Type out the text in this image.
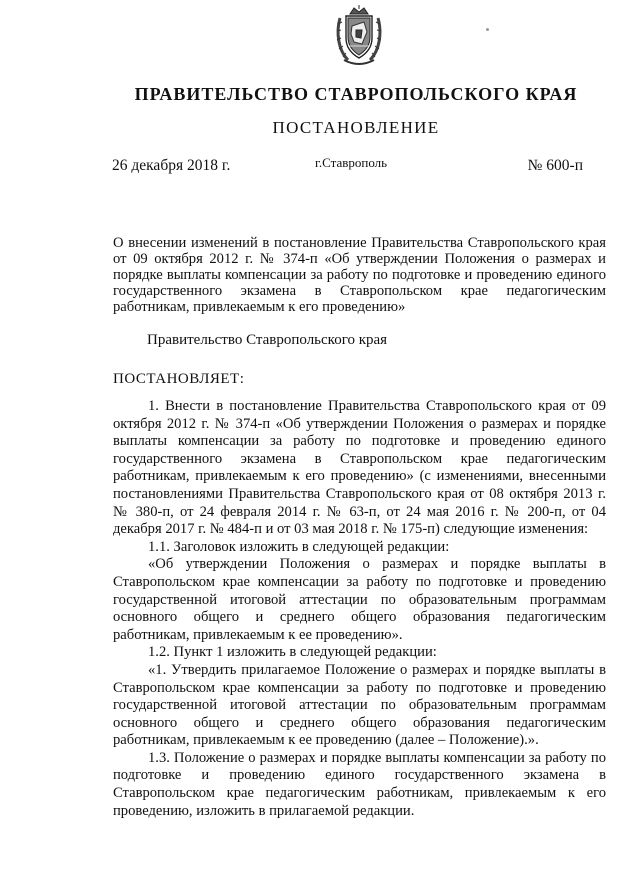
ПРАВИТЕЛЬСТВО СТАВРОПОЛЬСКОГО КРАЯ
ПОСТАНОВЛЕНИЕ
26 декабря 2018 г.	г.Ставрополь	№ 600-п
О внесении изменений в постановление Правительства Ставропольского края от 09 октября 2012 г. № 374-п «Об утверждении Положения о размерах и порядке выплаты компенсации за работу по подготовке и проведению единого государственного экзамена в Ставропольском крае педагогическим работникам, привлекаемым к его проведению»
Правительство Ставропольского края
ПОСТАНОВЛЯЕТ:

1. Внести в постановление Правительства Ставропольского края от 09 октября 2012 г. № 374-п «Об утверждении Положения о размерах и порядке выплаты компенсации за работу по подготовке и проведению единого государственного экзамена в Ставропольском крае педагогическим работникам, привлекаемым к его проведению» (с изменениями, внесенными постановлениями Правительства Ставропольского края от 08 октября 2013 г. № 380-п, от 24 февраля 2014 г. № 63-п, от 24 мая 2016 г. № 200-п, от 04 декабря 2017 г. № 484-п и от 03 мая 2018 г. № 175-п) следующие изменения:

1.1. Заголовок изложить в следующей редакции:

«Об утверждении Положения о размерах и порядке выплаты в Ставропольском крае компенсации за работу по подготовке и проведению государственной итоговой аттестации по образовательным программам основного общего и среднего общего образования педагогическим работникам, привлекаемым к ее проведению».

1.2. Пункт 1 изложить в следующей редакции:

«1. Утвердить прилагаемое Положение о размерах и порядке выплаты в Ставропольском крае компенсации за работу по подготовке и проведению государственной итоговой аттестации по образовательным программам основного общего и среднего общего образования педагогическим работникам, привлекаемым к ее проведению (далее – Положение).».

1.3. Положение о размерах и порядке выплаты компенсации за работу по подготовке и проведению единого государственного экзамена в Ставропольском крае педагогическим работникам, привлекаемым к его проведению, изложить в прилагаемой редакции.
